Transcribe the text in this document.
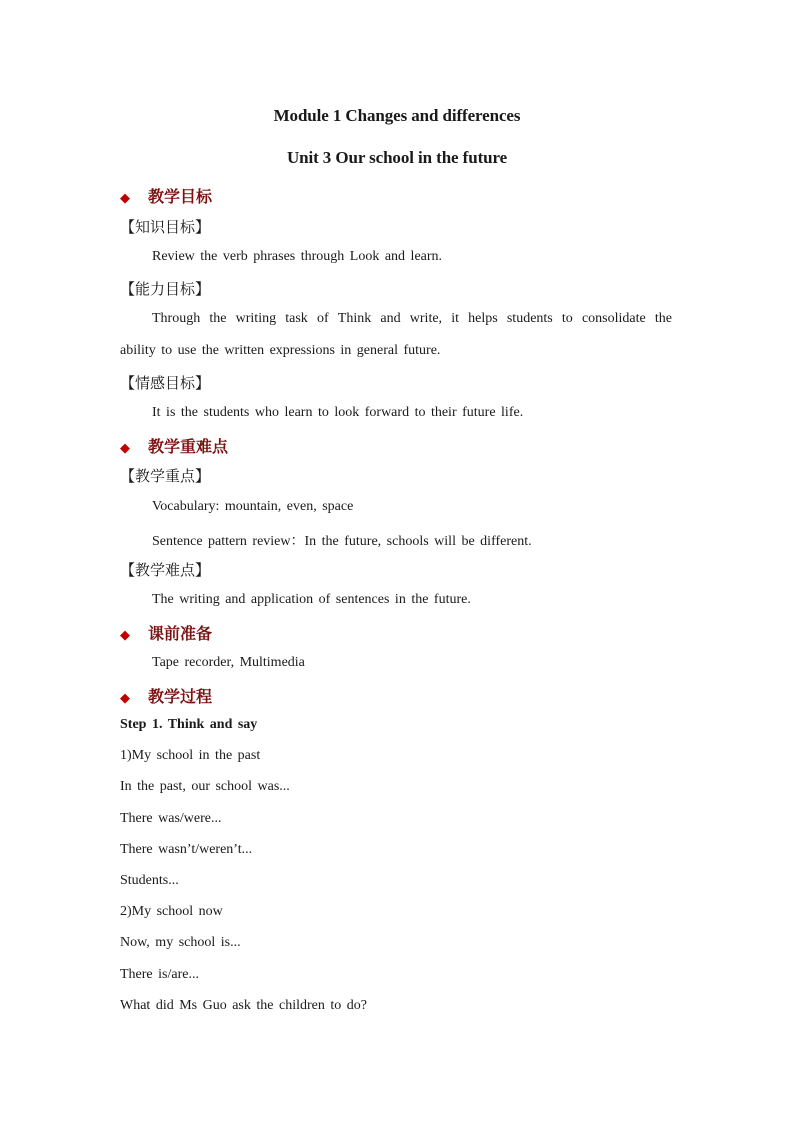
Module 1 Changes and differences
Unit 3 Our school in the future
◆ 教学目标
【知识目标】
Review the verb phrases through Look and learn.
【能力目标】
Through the writing task of Think and write, it helps students to consolidate the
ability to use the written expressions in general future.
【情感目标】
It is the students who learn to look forward to their future life.
◆ 教学重难点
【教学重点】
Vocabulary: mountain, even, space
Sentence pattern review：In the future, schools will be different.
【教学难点】
The writing and application of sentences in the future.
◆ 课前准备
Tape recorder, Multimedia
◆ 教学过程
Step 1. Think and say
1)My school in the past
In the past, our school was...
There was/were...
There wasn’t/weren’t...
Students...
2)My school now
Now, my school is...
There is/are...
What did Ms Guo ask the children to do?
